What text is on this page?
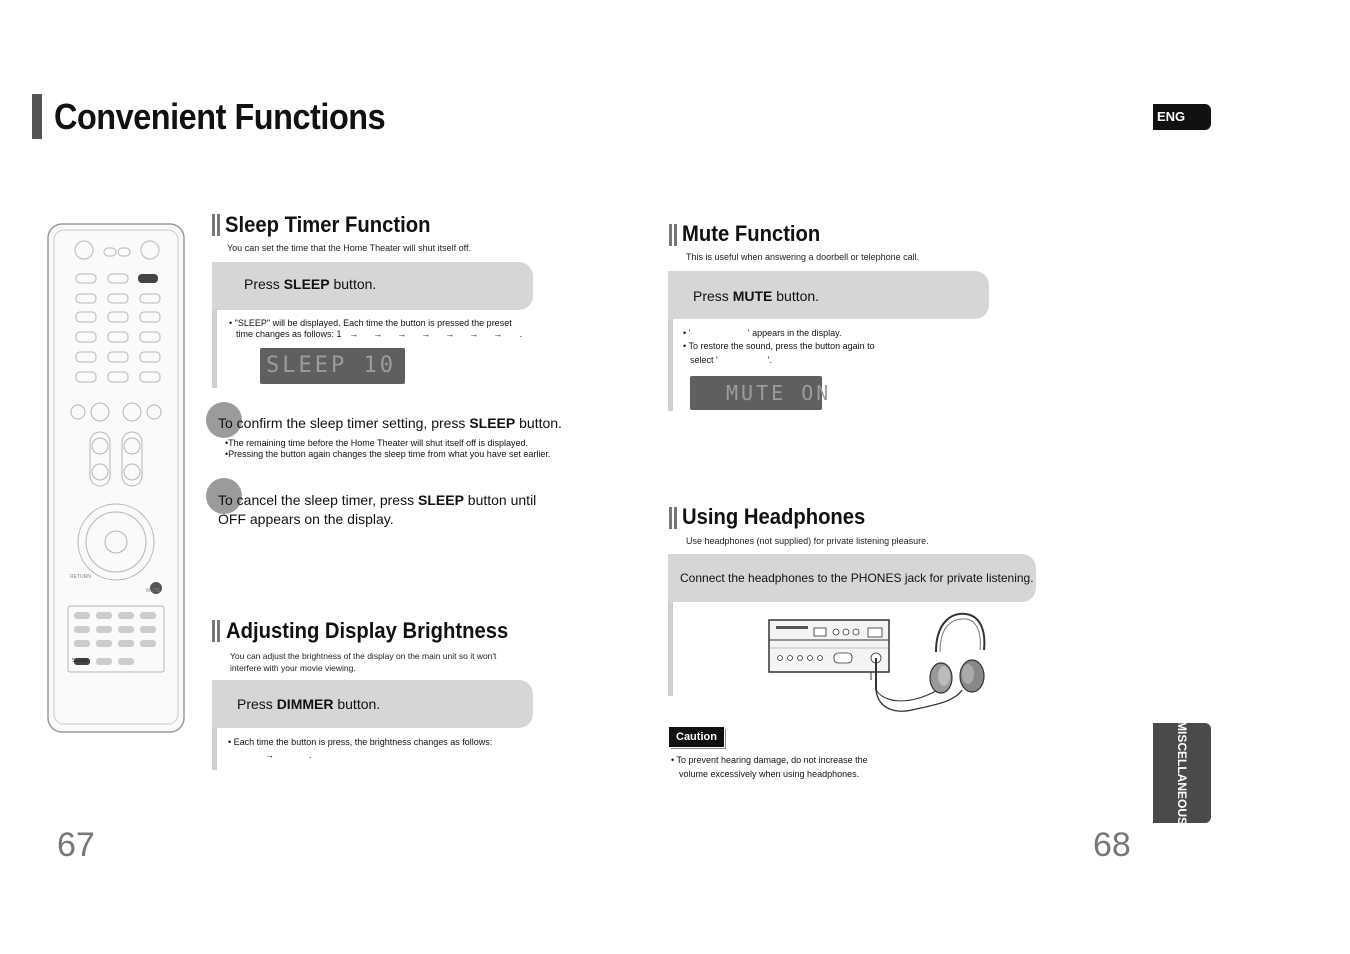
Convenient Functions	ENG
MUTE
RETURN
SLEEP
Sleep Timer Function
You can set the time that the Home Theater will shut itself off.
Press SLEEP button.
• "SLEEP" will be displayed. Each time the button is pressed the preset
time changes as follows: 1   →      →      →      →      →      →      →       .
SLEEP 10
To confirm the sleep timer setting, press SLEEP button.
•The remaining time before the Home Theater will shut itself off is displayed.
•Pressing the button again changes the sleep time from what you have set earlier.
To cancel the sleep timer, press SLEEP button until
OFF appears on the display.
Adjusting Display Brightness
You can adjust the brightness of the display on the main unit so it won't interfere with your movie viewing.
Press DIMMER button.
• Each time the button is press, the brightness changes as follows:
→              .
67
Mute Function
This is useful when answering a doorbell or telephone call.
Press MUTE button.
• '                       ' appears in the display.
• To restore the sound, press the button again to
select '                    '.
MUTE ON
Using Headphones
Use headphones (not supplied) for private listening pleasure.
Connect the headphones to the PHONES jack for private listening.
Caution
• To prevent hearing damage, do not increase the
volume excessively when using headphones.	MISCELLANEOUS
68
